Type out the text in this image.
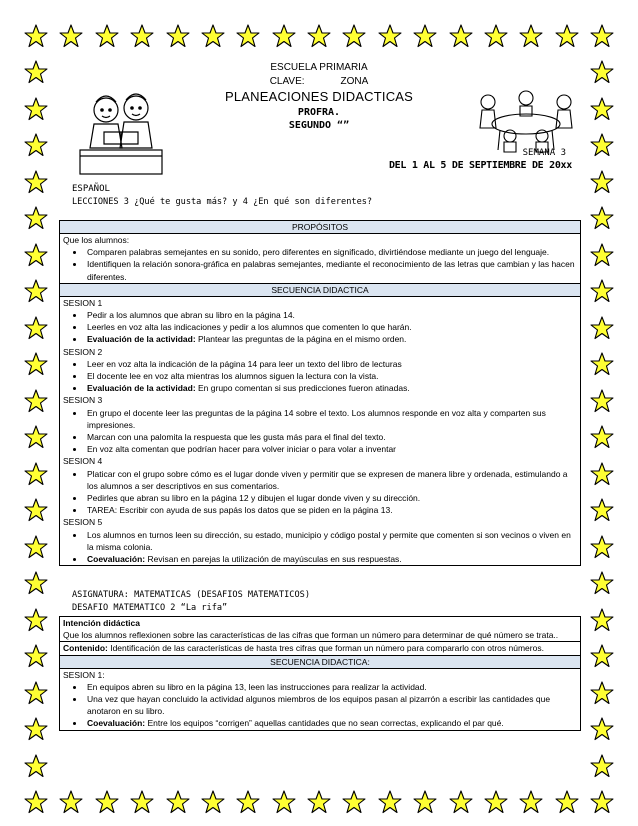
ESCUELA PRIMARIA
CLAVE:	ZONA
PLANEACIONES DIDACTICAS
PROFRA.
SEGUNDO “”
SEMANA 3
DEL 1 AL 5 DE SEPTIEMBRE DE 20xx
ESPAÑOL
LECCIONES 3 ¿Qué te gusta más? y 4 ¿En qué son diferentes?
PROPÓSITOS
Que los alumnos:
• Comparen palabras semejantes en su sonido, pero diferentes en significado, divirtiéndose mediante un juego del lenguaje.
• Identifiquen la relación sonora-gráfica en palabras semejantes, mediante el reconocimiento de las letras que cambian y las hacen diferentes.
SECUENCIA DIDACTICA
SESION 1
• Pedir a los alumnos que abran su libro en la página 14.
• Leerles en voz alta las indicaciones y pedir a los alumnos que comenten lo que harán.
• Evaluación de la actividad: Plantear las preguntas de la página en el mismo orden.
SESION 2
• Leer en voz alta la indicación de la página 14 para leer un texto del libro de lecturas
• El docente lee en voz alta mientras los alumnos siguen la lectura con la vista.
• Evaluación de la actividad: En grupo comentan si sus predicciones fueron atinadas.
SESION 3
• En grupo el docente leer las preguntas de la página 14 sobre el texto. Los alumnos responde en voz alta y comparten sus impresiones.
• Marcan con una palomita la respuesta que les gusta más para el final del texto.
• En voz alta comentan que podrían hacer para volver iniciar o para volar a inventar
SESION 4
• Platicar con el grupo sobre cómo es el lugar donde viven y permitir que se expresen de manera libre y ordenada, estimulando a los alumnos a ser descriptivos en sus comentarios.
• Pedirles que abran su libro en la página 12 y dibujen el lugar donde viven y su dirección.
• TAREA: Escribir con ayuda de sus papás los datos que se piden en la página 13.
SESION 5
• Los alumnos en turnos leen su dirección, su estado, municipio y código postal y permite que comenten si son vecinos o viven en la misma colonia.
• Coevaluación: Revisan en parejas la utilización de mayúsculas en sus respuestas.
ASIGNATURA: MATEMATICAS (DESAFIOS MATEMATICOS)
DESAFIO MATEMATICO 2 “La rifa”
Intención didáctica
Que los alumnos reflexionen sobre las características de las cifras que forman un número para determinar de qué número se trata..
Contenido: Identificación de las características de hasta tres cifras que forman un número para compararlo con otros números.
SECUENCIA DIDACTICA:
SESION 1:
• En equipos abren su libro en la página 13, leen las instrucciones para realizar la actividad.
• Una vez que hayan concluido la actividad algunos miembros de los equipos pasan al pizarrón a escribir las cantidades que anotaron en su libro.
• Coevaluación: Entre los equipos “corrigen” aquellas cantidades que no sean correctas, explicando el par qué.
